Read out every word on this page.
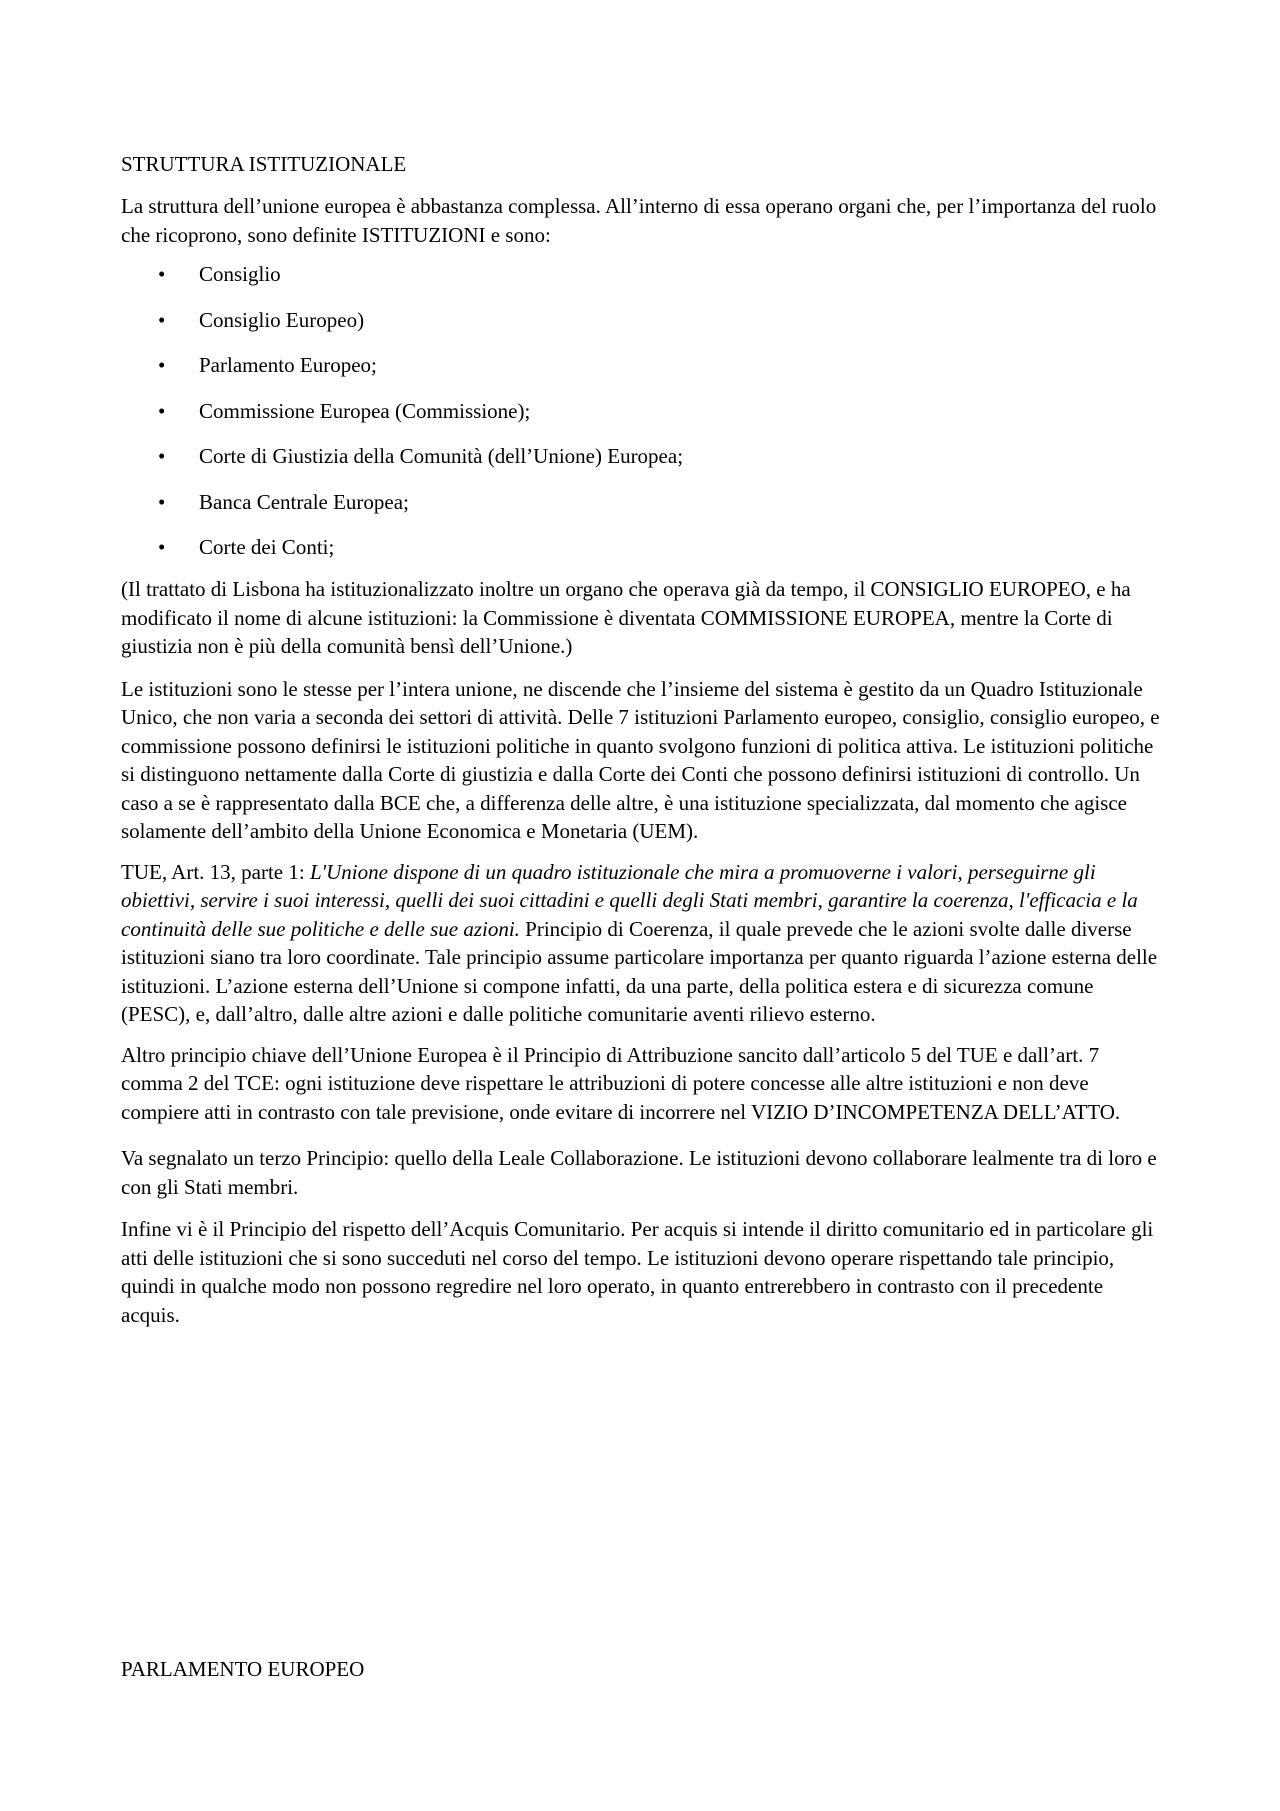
STRUTTURA ISTITUZIONALE

La struttura dell’unione europea è abbastanza complessa. All’interno di essa operano organi che, per l’importanza del ruolo che ricoprono, sono definite ISTITUZIONI e sono:

• Consiglio
• Consiglio Europeo)
• Parlamento Europeo;
• Commissione Europea (Commissione);
• Corte di Giustizia della Comunità (dell’Unione) Europea;
• Banca Centrale Europea;
• Corte dei Conti;

(Il trattato di Lisbona ha istituzionalizzato inoltre un organo che operava già da tempo, il CONSIGLIO EUROPEO, e ha modificato il nome di alcune istituzioni: la Commissione è diventata COMMISSIONE EUROPEA, mentre la Corte di giustizia non è più della comunità bensì dell’Unione.)

Le istituzioni sono le stesse per l’intera unione, ne discende che l’insieme del sistema è gestito da un Quadro Istituzionale Unico, che non varia a seconda dei settori di attività. Delle 7 istituzioni Parlamento europeo, consiglio, consiglio europeo, e commissione possono definirsi le istituzioni politiche in quanto svolgono funzioni di politica attiva. Le istituzioni politiche si distinguono nettamente dalla Corte di giustizia e dalla Corte dei Conti che possono definirsi istituzioni di controllo. Un caso a se è rappresentato dalla BCE che, a differenza delle altre, è una istituzione specializzata, dal momento che agisce solamente dell’ambito della Unione Economica e Monetaria (UEM).

TUE, Art. 13, parte 1: L'Unione dispone di un quadro istituzionale che mira a promuoverne i valori, perseguirne gli obiettivi, servire i suoi interessi, quelli dei suoi cittadini e quelli degli Stati membri, garantire la coerenza, l'efficacia e la continuità delle sue politiche e delle sue azioni. Principio di Coerenza, il quale prevede che le azioni svolte dalle diverse istituzioni siano tra loro coordinate. Tale principio assume particolare importanza per quanto riguarda l’azione esterna delle istituzioni. L’azione esterna dell’Unione si compone infatti, da una parte, della politica estera e di sicurezza comune (PESC), e, dall’altro, dalle altre azioni e dalle politiche comunitarie aventi rilievo esterno.

Altro principio chiave dell’Unione Europea è il Principio di Attribuzione sancito dall’articolo 5 del TUE e dall’art. 7 comma 2 del TCE: ogni istituzione deve rispettare le attribuzioni di potere concesse alle altre istituzioni e non deve compiere atti in contrasto con tale previsione, onde evitare di incorrere nel VIZIO D’INCOMPETENZA DELL’ATTO.

Va segnalato un terzo Principio: quello della Leale Collaborazione. Le istituzioni devono collaborare lealmente tra di loro e con gli Stati membri.

Infine vi è il Principio del rispetto dell’Acquis Comunitario. Per acquis si intende il diritto comunitario ed in particolare gli atti delle istituzioni che si sono succeduti nel corso del tempo. Le istituzioni devono operare rispettando tale principio, quindi in qualche modo non possono regredire nel loro operato, in quanto entrerebbero in contrasto con il precedente acquis.

PARLAMENTO EUROPEO
